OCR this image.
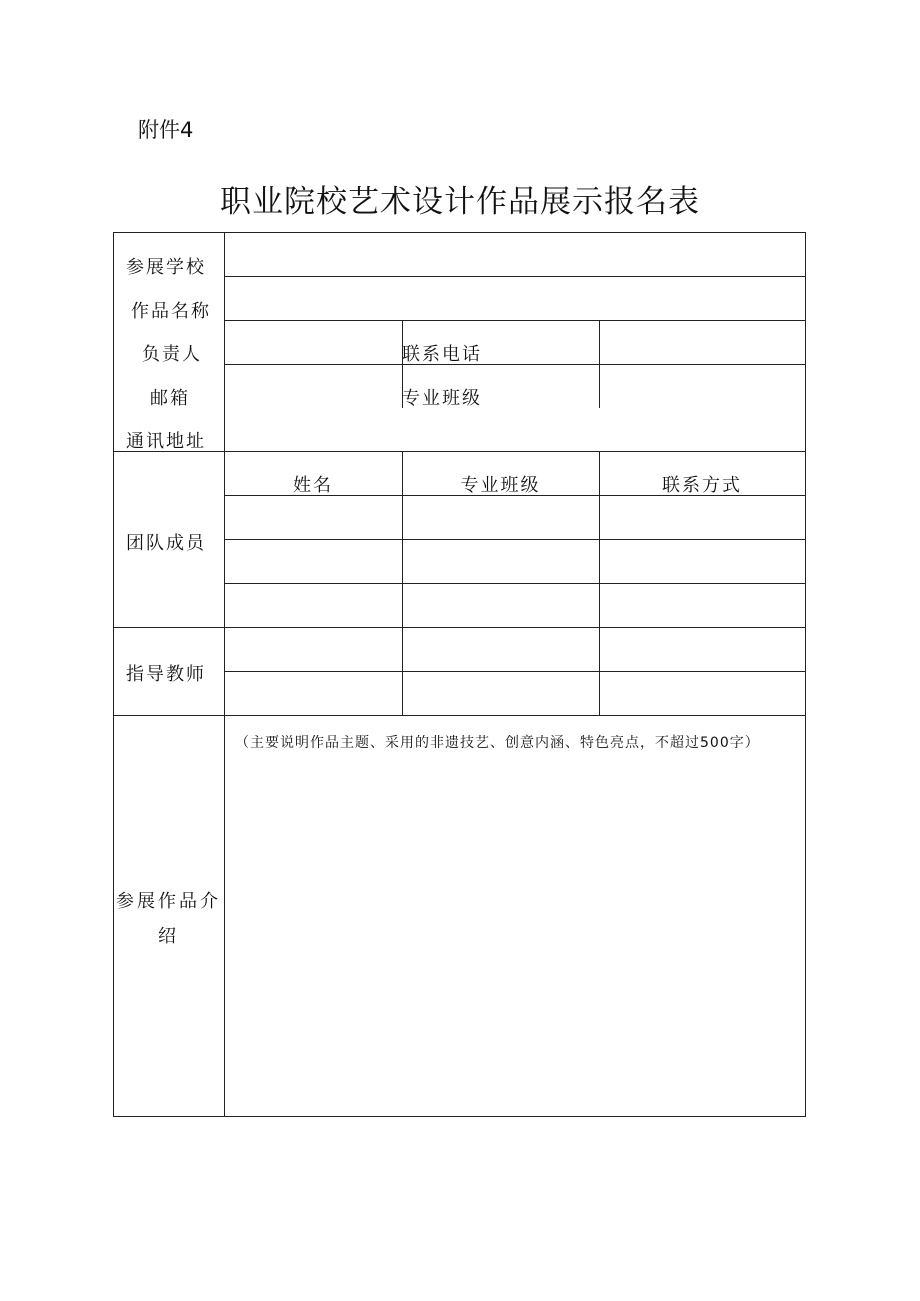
附件4
职业院校艺术设计作品展示报名表
参展学校
作品名称
负责人	联系电话
邮箱	专业班级
通讯地址
团队成员
姓名	专业班级	联系方式
指导教师
参展作品介
绍
（主要说明作品主题、采用的非遗技艺、创意内涵、特色亮点，不超过500字）
